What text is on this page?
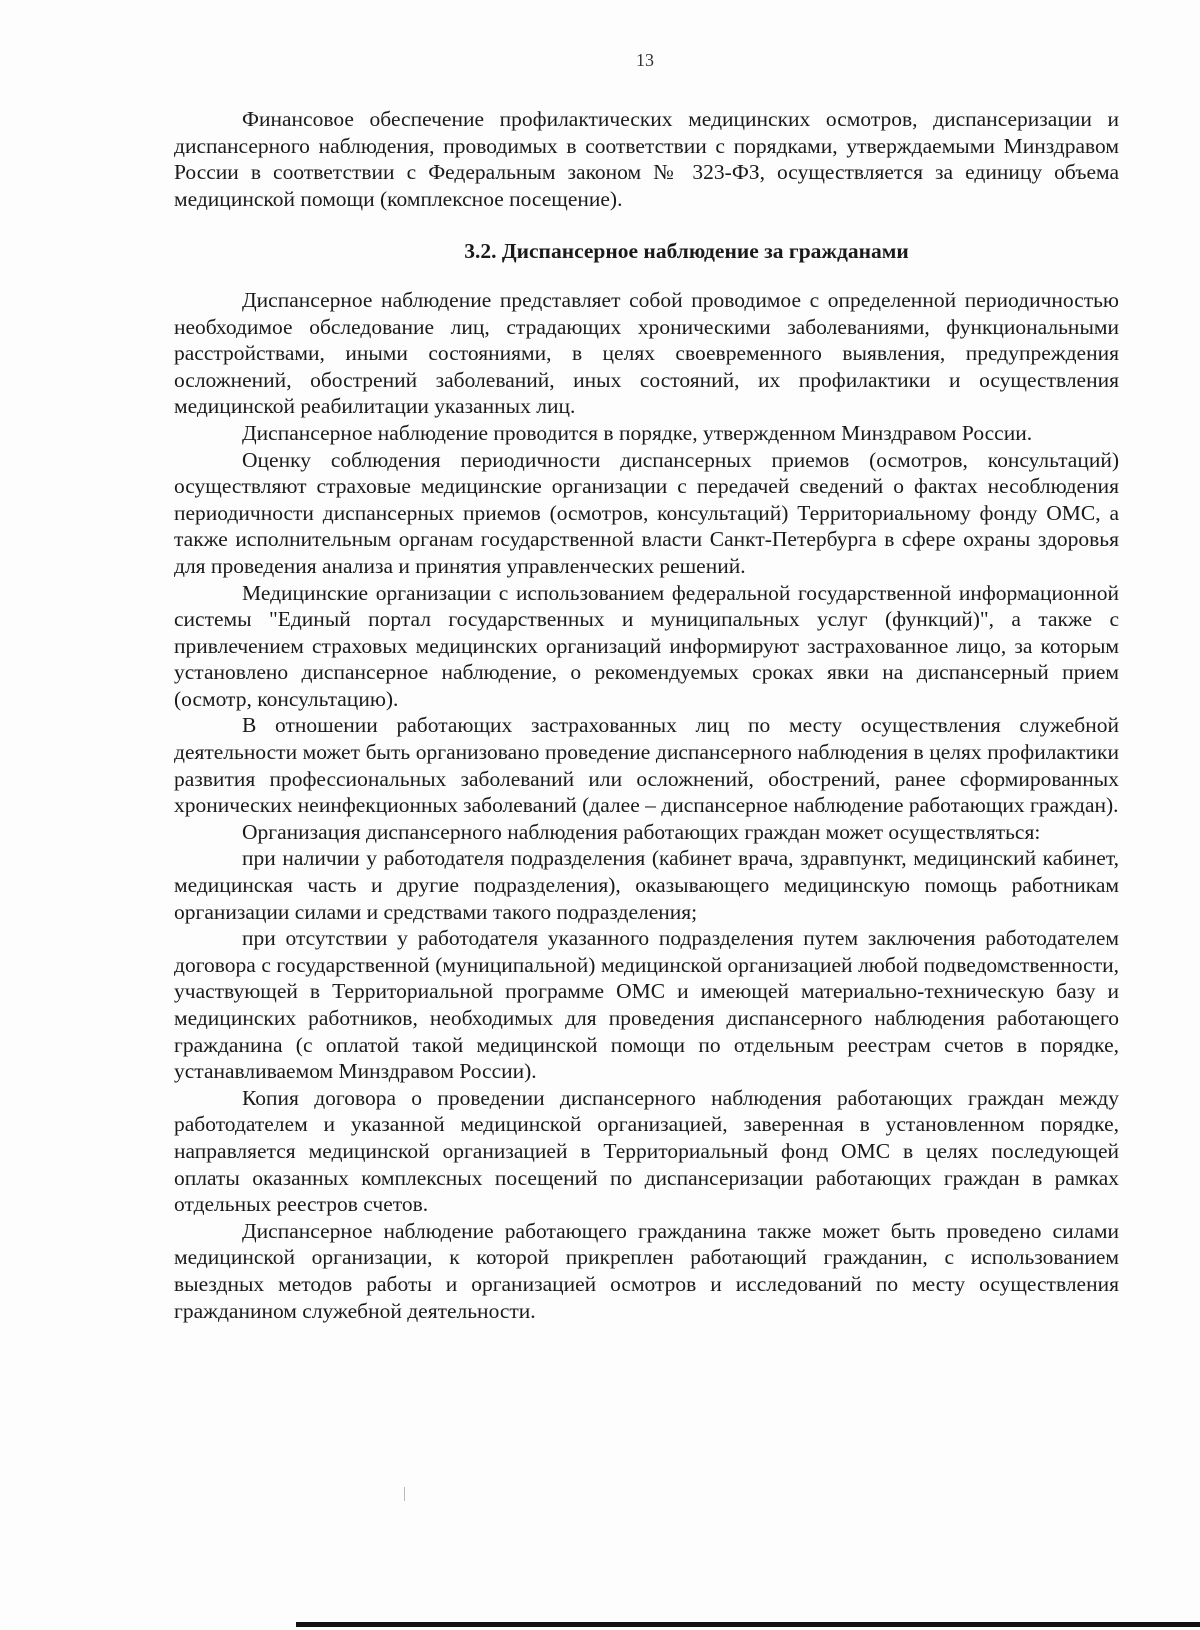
13

Финансовое обеспечение профилактических медицинских осмотров, диспансеризации и диспансерного наблюдения, проводимых в соответствии с порядками, утверждаемыми Минздравом России в соответствии с Федеральным законом № 323-ФЗ, осуществляется за единицу объема медицинской помощи (комплексное посещение).

3.2. Диспансерное наблюдение за гражданами

Диспансерное наблюдение представляет собой проводимое с определенной периодичностью необходимое обследование лиц, страдающих хроническими заболеваниями, функциональными расстройствами, иными состояниями, в целях своевременного выявления, предупреждения осложнений, обострений заболеваний, иных состояний, их профилактики и осуществления медицинской реабилитации указанных лиц.

Диспансерное наблюдение проводится в порядке, утвержденном Минздравом России.

Оценку соблюдения периодичности диспансерных приемов (осмотров, консультаций) осуществляют страховые медицинские организации с передачей сведений о фактах несоблюдения периодичности диспансерных приемов (осмотров, консультаций) Территориальному фонду ОМС, а также исполнительным органам государственной власти Санкт-Петербурга в сфере охраны здоровья для проведения анализа и принятия управленческих решений.

Медицинские организации с использованием федеральной государственной информационной системы "Единый портал государственных и муниципальных услуг (функций)", а также с привлечением страховых медицинских организаций информируют застрахованное лицо, за которым установлено диспансерное наблюдение, о рекомендуемых сроках явки на диспансерный прием (осмотр, консультацию).

В отношении работающих застрахованных лиц по месту осуществления служебной деятельности может быть организовано проведение диспансерного наблюдения в целях профилактики развития профессиональных заболеваний или осложнений, обострений, ранее сформированных хронических неинфекционных заболеваний (далее – диспансерное наблюдение работающих граждан).

Организация диспансерного наблюдения работающих граждан может осуществляться:

при наличии у работодателя подразделения (кабинет врача, здравпункт, медицинский кабинет, медицинская часть и другие подразделения), оказывающего медицинскую помощь работникам организации силами и средствами такого подразделения;

при отсутствии у работодателя указанного подразделения путем заключения работодателем договора с государственной (муниципальной) медицинской организацией любой подведомственности, участвующей в Территориальной программе ОМС и имеющей материально-техническую базу и медицинских работников, необходимых для проведения диспансерного наблюдения работающего гражданина (с оплатой такой медицинской помощи по отдельным реестрам счетов в порядке, устанавливаемом Минздравом России).

Копия договора о проведении диспансерного наблюдения работающих граждан между работодателем и указанной медицинской организацией, заверенная в установленном порядке, направляется медицинской организацией в Территориальный фонд ОМС в целях последующей оплаты оказанных комплексных посещений по диспансеризации работающих граждан в рамках отдельных реестров счетов.

Диспансерное наблюдение работающего гражданина также может быть проведено силами медицинской организации, к которой прикреплен работающий гражданин, с использованием выездных методов работы и организацией осмотров и исследований по месту осуществления гражданином служебной деятельности.
